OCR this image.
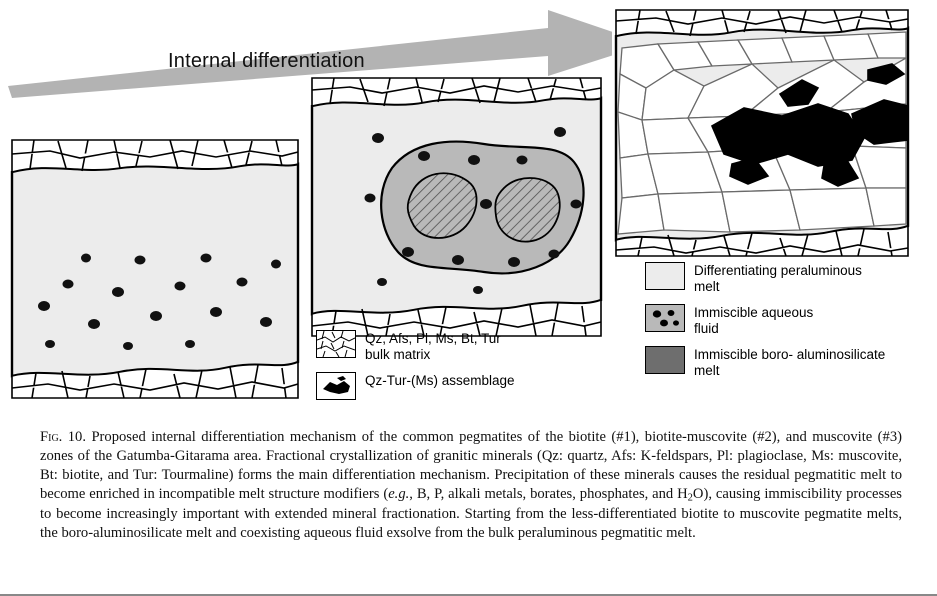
Internal differentiation
Qz, Afs, Pl, Ms, Bt, Tur
bulk matrix
Qz-Tur-(Ms) assemblage
Differentiating peraluminous
melt
Immiscible aqueous
fluid
Immiscible boro- aluminosilicate
melt
Fig. 10. Proposed internal differentiation mechanism of the common pegmatites of the biotite (#1), biotite-muscovite (#2), and muscovite (#3) zones of the Gatumba-Gitarama area. Fractional crystallization of granitic minerals (Qz: quartz, Afs: K-feldspars, Pl: plagioclase, Ms: muscovite, Bt: biotite, and Tur: Tourmaline) forms the main differentiation mechanism. Precipitation of these minerals causes the residual pegmatitic melt to become enriched in incompatible melt structure modifiers (e.g., B, P, alkali metals, borates, phosphates, and $H_2O$), causing immiscibility processes to become increasingly important with extended mineral fractionation. Starting from the less-differentiated biotite to muscovite pegmatite melts, the boro-aluminosilicate melt and coexisting aqueous fluid exsolve from the bulk peraluminous pegmatitic melt.
